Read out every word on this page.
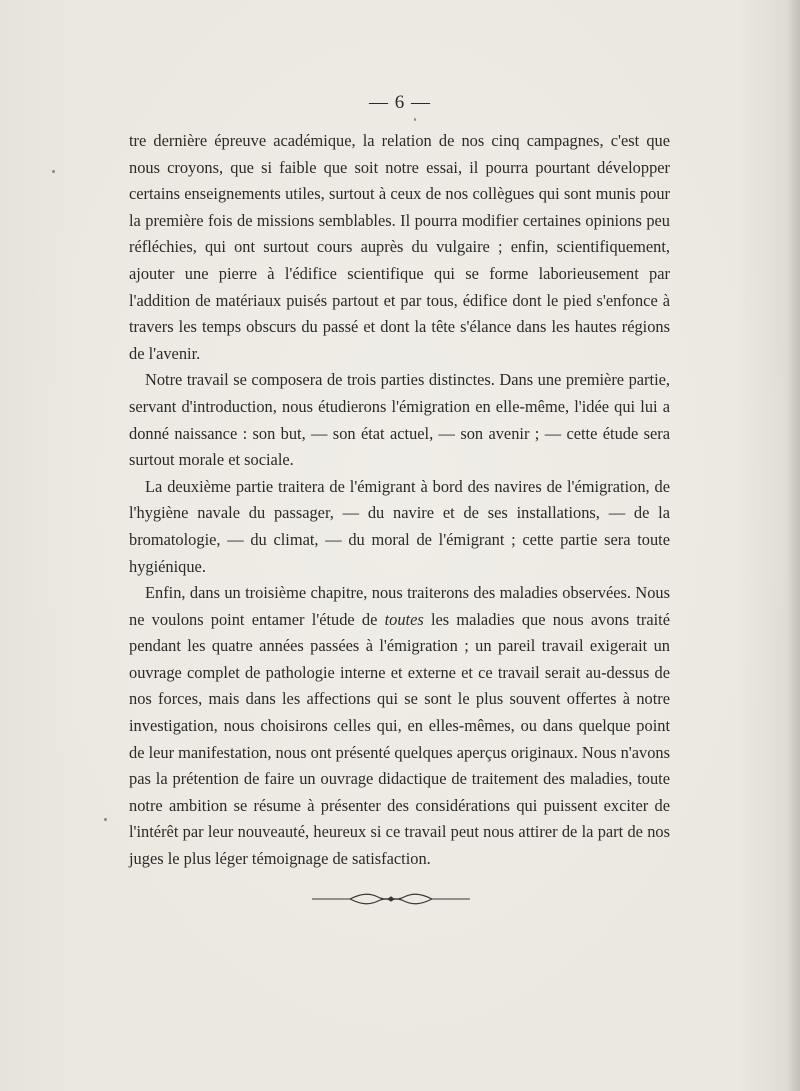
— 6 —

tre dernière épreuve académique, la relation de nos cinq campagnes, c'est que nous croyons, que si faible que soit notre essai, il pourra pourtant développer certains enseignements utiles, surtout à ceux de nos collègues qui sont munis pour la première fois de missions semblables. Il pourra modifier certaines opinions peu réfléchies, qui ont surtout cours auprès du vulgaire ; enfin, scientifiquement, ajouter une pierre à l'édifice scientifique qui se forme laborieusement par l'addition de matériaux puisés partout et par tous, édifice dont le pied s'enfonce à travers les temps obscurs du passé et dont la tête s'élance dans les hautes régions de l'avenir.

Notre travail se composera de trois parties distinctes. Dans une première partie, servant d'introduction, nous étudierons l'émigration en elle-même, l'idée qui lui a donné naissance : son but, — son état actuel, — son avenir ; — cette étude sera surtout morale et sociale.

La deuxième partie traitera de l'émigrant à bord des navires de l'émigration, de l'hygiène navale du passager, — du navire et de ses installations, — de la bromatologie, — du climat, — du moral de l'émigrant ; cette partie sera toute hygiénique.

Enfin, dans un troisième chapitre, nous traiterons des maladies observées. Nous ne voulons point entamer l'étude de toutes les maladies que nous avons traité pendant les quatre années passées à l'émigration ; un pareil travail exigerait un ouvrage complet de pathologie interne et externe et ce travail serait au-dessus de nos forces, mais dans les affections qui se sont le plus souvent offertes à notre investigation, nous choisirons celles qui, en elles-mêmes, ou dans quelque point de leur manifestation, nous ont présenté quelques aperçus originaux. Nous n'avons pas la prétention de faire un ouvrage didactique de traitement des maladies, toute notre ambition se résume à présenter des considérations qui puissent exciter de l'intérêt par leur nouveauté, heureux si ce travail peut nous attirer de la part de nos juges le plus léger témoignage de satisfaction.
